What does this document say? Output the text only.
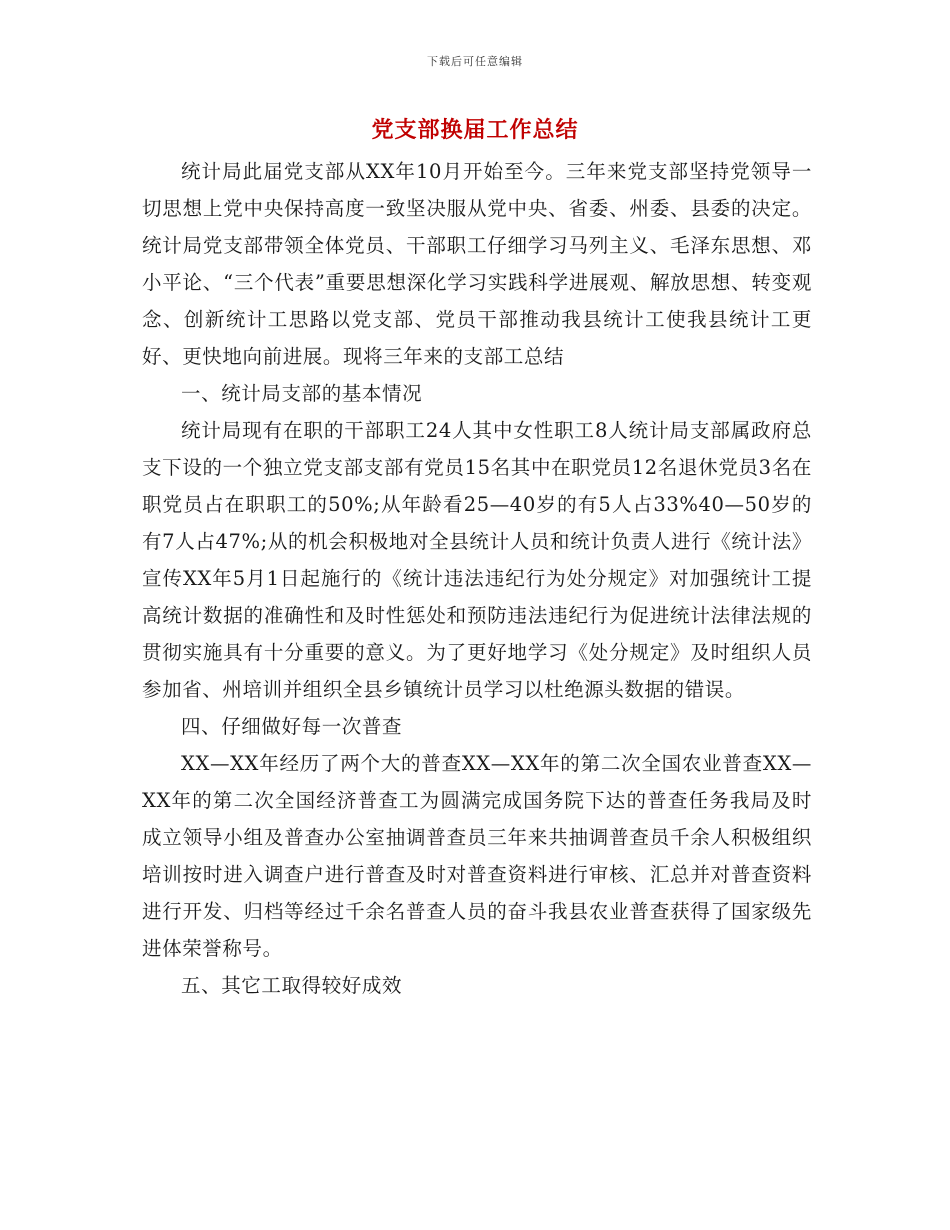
下载后可任意编辑
党支部换届工作总结

统计局此届党支部从XX年10月开始至今。三年来党支部坚持党领导一切思想上党中央保持高度一致坚决服从党中央、省委、州委、县委的决定。统计局党支部带领全体党员、干部职工仔细学习马列主义、毛泽东思想、邓小平论、“三个代表”重要思想深化学习实践科学进展观、解放思想、转变观念、创新统计工思路以党支部、党员干部推动我县统计工使我县统计工更好、更快地向前进展。现将三年来的支部工总结

一、统计局支部的基本情况

统计局现有在职的干部职工24人其中女性职工8人统计局支部属政府总支下设的一个独立党支部支部有党员15名其中在职党员12名退休党员3名在职党员占在职职工的50%;从年龄看25—40岁的有5人占33%40—50岁的有7人占47%;从的机会积极地对全县统计人员和统计负责人进行《统计法》宣传XX年5月1日起施行的《统计违法违纪行为处分规定》对加强统计工提高统计数据的准确性和及时性惩处和预防违法违纪行为促进统计法律法规的贯彻实施具有十分重要的意义。为了更好地学习《处分规定》及时组织人员参加省、州培训并组织全县乡镇统计员学习以杜绝源头数据的错误。

四、仔细做好每一次普查

XX—XX年经历了两个大的普查XX—XX年的第二次全国农业普查XX—XX年的第二次全国经济普查工为圆满完成国务院下达的普查任务我局及时成立领导小组及普查办公室抽调普查员三年来共抽调普查员千余人积极组织培训按时进入调查户进行普查及时对普查资料进行审核、汇总并对普查资料进行开发、归档等经过千余名普查人员的奋斗我县农业普查获得了国家级先进体荣誉称号。

五、其它工取得较好成效
